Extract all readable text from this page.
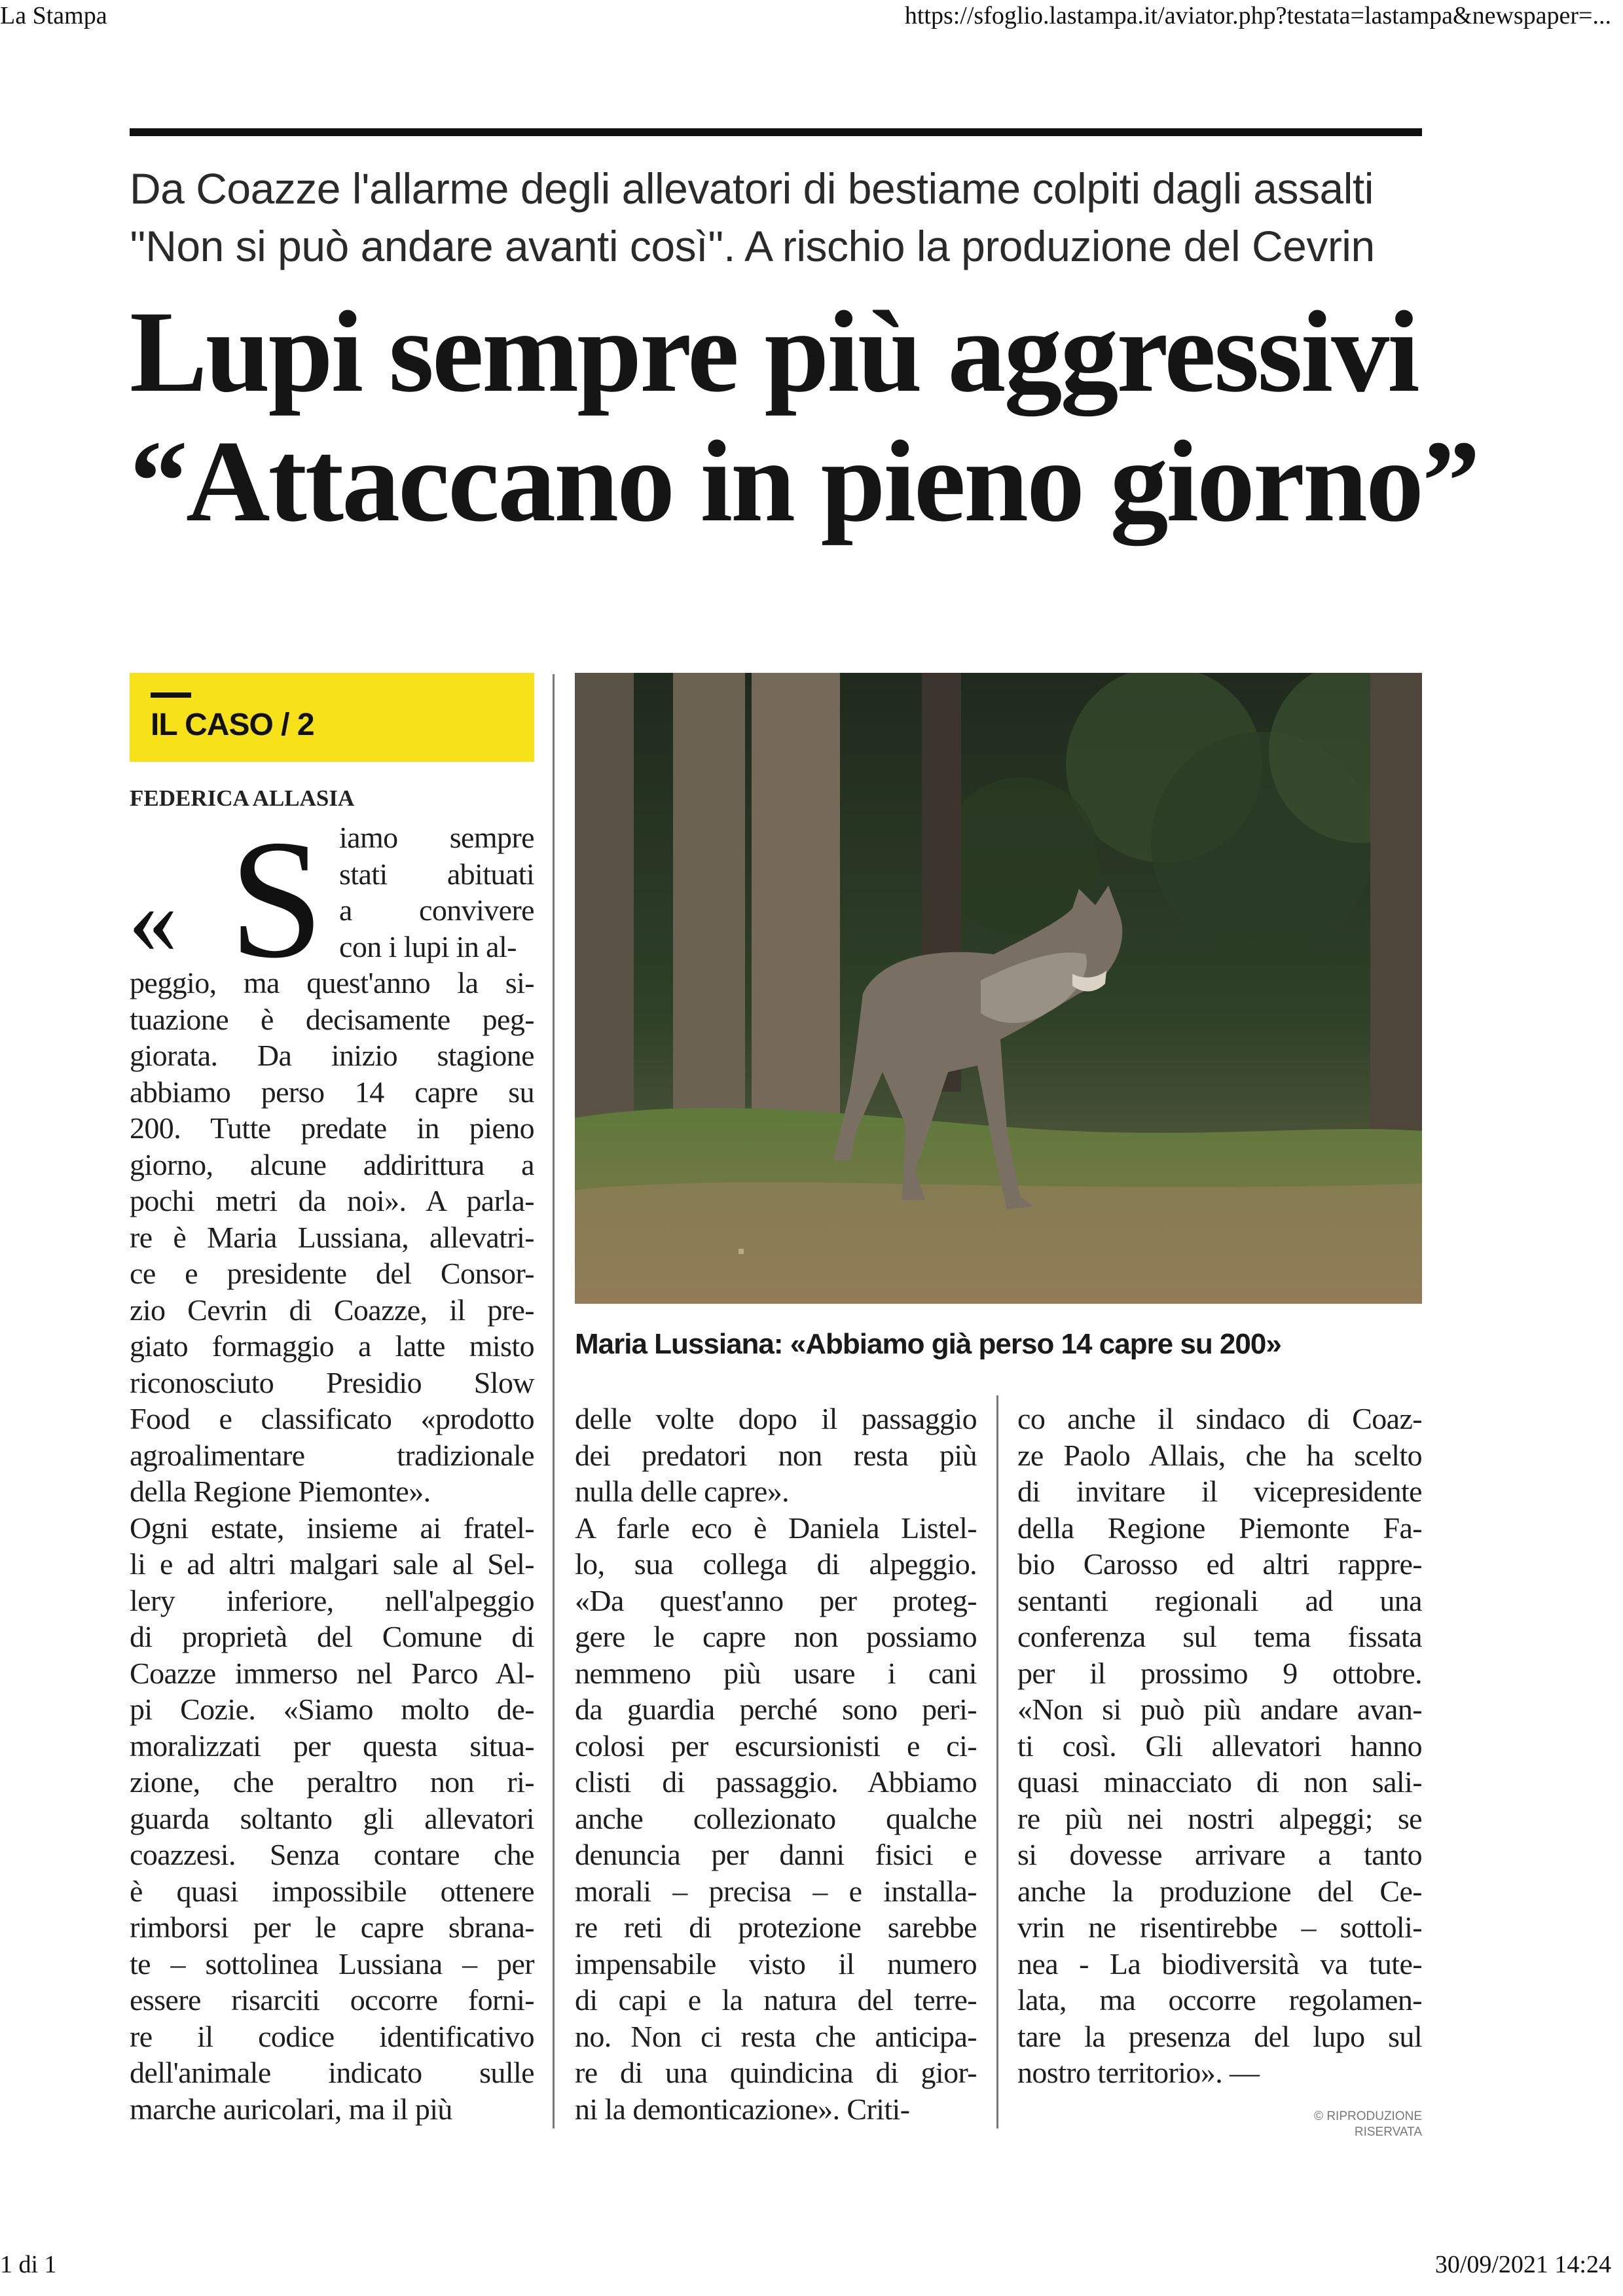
La Stampa	https://sfoglio.lastampa.it/aviator.php?testata=lastampa&newspaper=...
Da Coazze l'allarme degli allevatori di bestiame colpiti dagli assalti
''Non si può andare avanti così''. A rischio la produzione del Cevrin
Lupi sempre più aggressivi
“Attaccano in pieno giorno”
IL CASO / 2
FEDERICA ALLASIA
« S iamo sempre
stati abituati
a convivere
con i lupi in al-
peggio, ma quest'anno la si-
tuazione è decisamente peg-
giorata. Da inizio stagione
abbiamo perso 14 capre su
200. Tutte predate in pieno
giorno, alcune addirittura a
pochi metri da noi». A parla-
re è Maria Lussiana, allevatri-
ce e presidente del Consor-
zio Cevrin di Coazze, il pre-
giato formaggio a latte misto
riconosciuto Presidio Slow
Food e classificato «prodotto
agroalimentare tradizionale
della Regione Piemonte».
Ogni estate, insieme ai fratel-
li e ad altri malgari sale al Sel-
lery inferiore, nell'alpeggio
di proprietà del Comune di
Coazze immerso nel Parco Al-
pi Cozie. «Siamo molto de-
moralizzati per questa situa-
zione, che peraltro non ri-
guarda soltanto gli allevatori
coazzesi. Senza contare che
è quasi impossibile ottenere
rimborsi per le capre sbrana-
te – sottolinea Lussiana – per
essere risarciti occorre forni-
re il codice identificativo
dell'animale indicato sulle
marche auricolari, ma il più
Maria Lussiana: «Abbiamo già perso 14 capre su 200»
delle volte dopo il passaggio
dei predatori non resta più
nulla delle capre».
A farle eco è Daniela Listel-
lo, sua collega di alpeggio.
«Da quest'anno per proteg-
gere le capre non possiamo
nemmeno più usare i cani
da guardia perché sono peri-
colosi per escursionisti e ci-
clisti di passaggio. Abbiamo
anche collezionato qualche
denuncia per danni fisici e
morali – precisa – e installa-
re reti di protezione sarebbe
impensabile visto il numero
di capi e la natura del terre-
no. Non ci resta che anticipa-
re di una quindicina di gior-
ni la demonticazione». Criti-
co anche il sindaco di Coaz-
ze Paolo Allais, che ha scelto
di invitare il vicepresidente
della Regione Piemonte Fa-
bio Carosso ed altri rappre-
sentanti regionali ad una
conferenza sul tema fissata
per il prossimo 9 ottobre.
«Non si può più andare avan-
ti così. Gli allevatori hanno
quasi minacciato di non sali-
re più nei nostri alpeggi; se
si dovesse arrivare a tanto
anche la produzione del Ce-
vrin ne risentirebbe – sottoli-
nea - La biodiversità va tute-
lata, ma occorre regolamen-
tare la presenza del lupo sul
nostro territorio». —
© RIPRODUZIONE RISERVATA
1 di 1	30/09/2021 14:24
